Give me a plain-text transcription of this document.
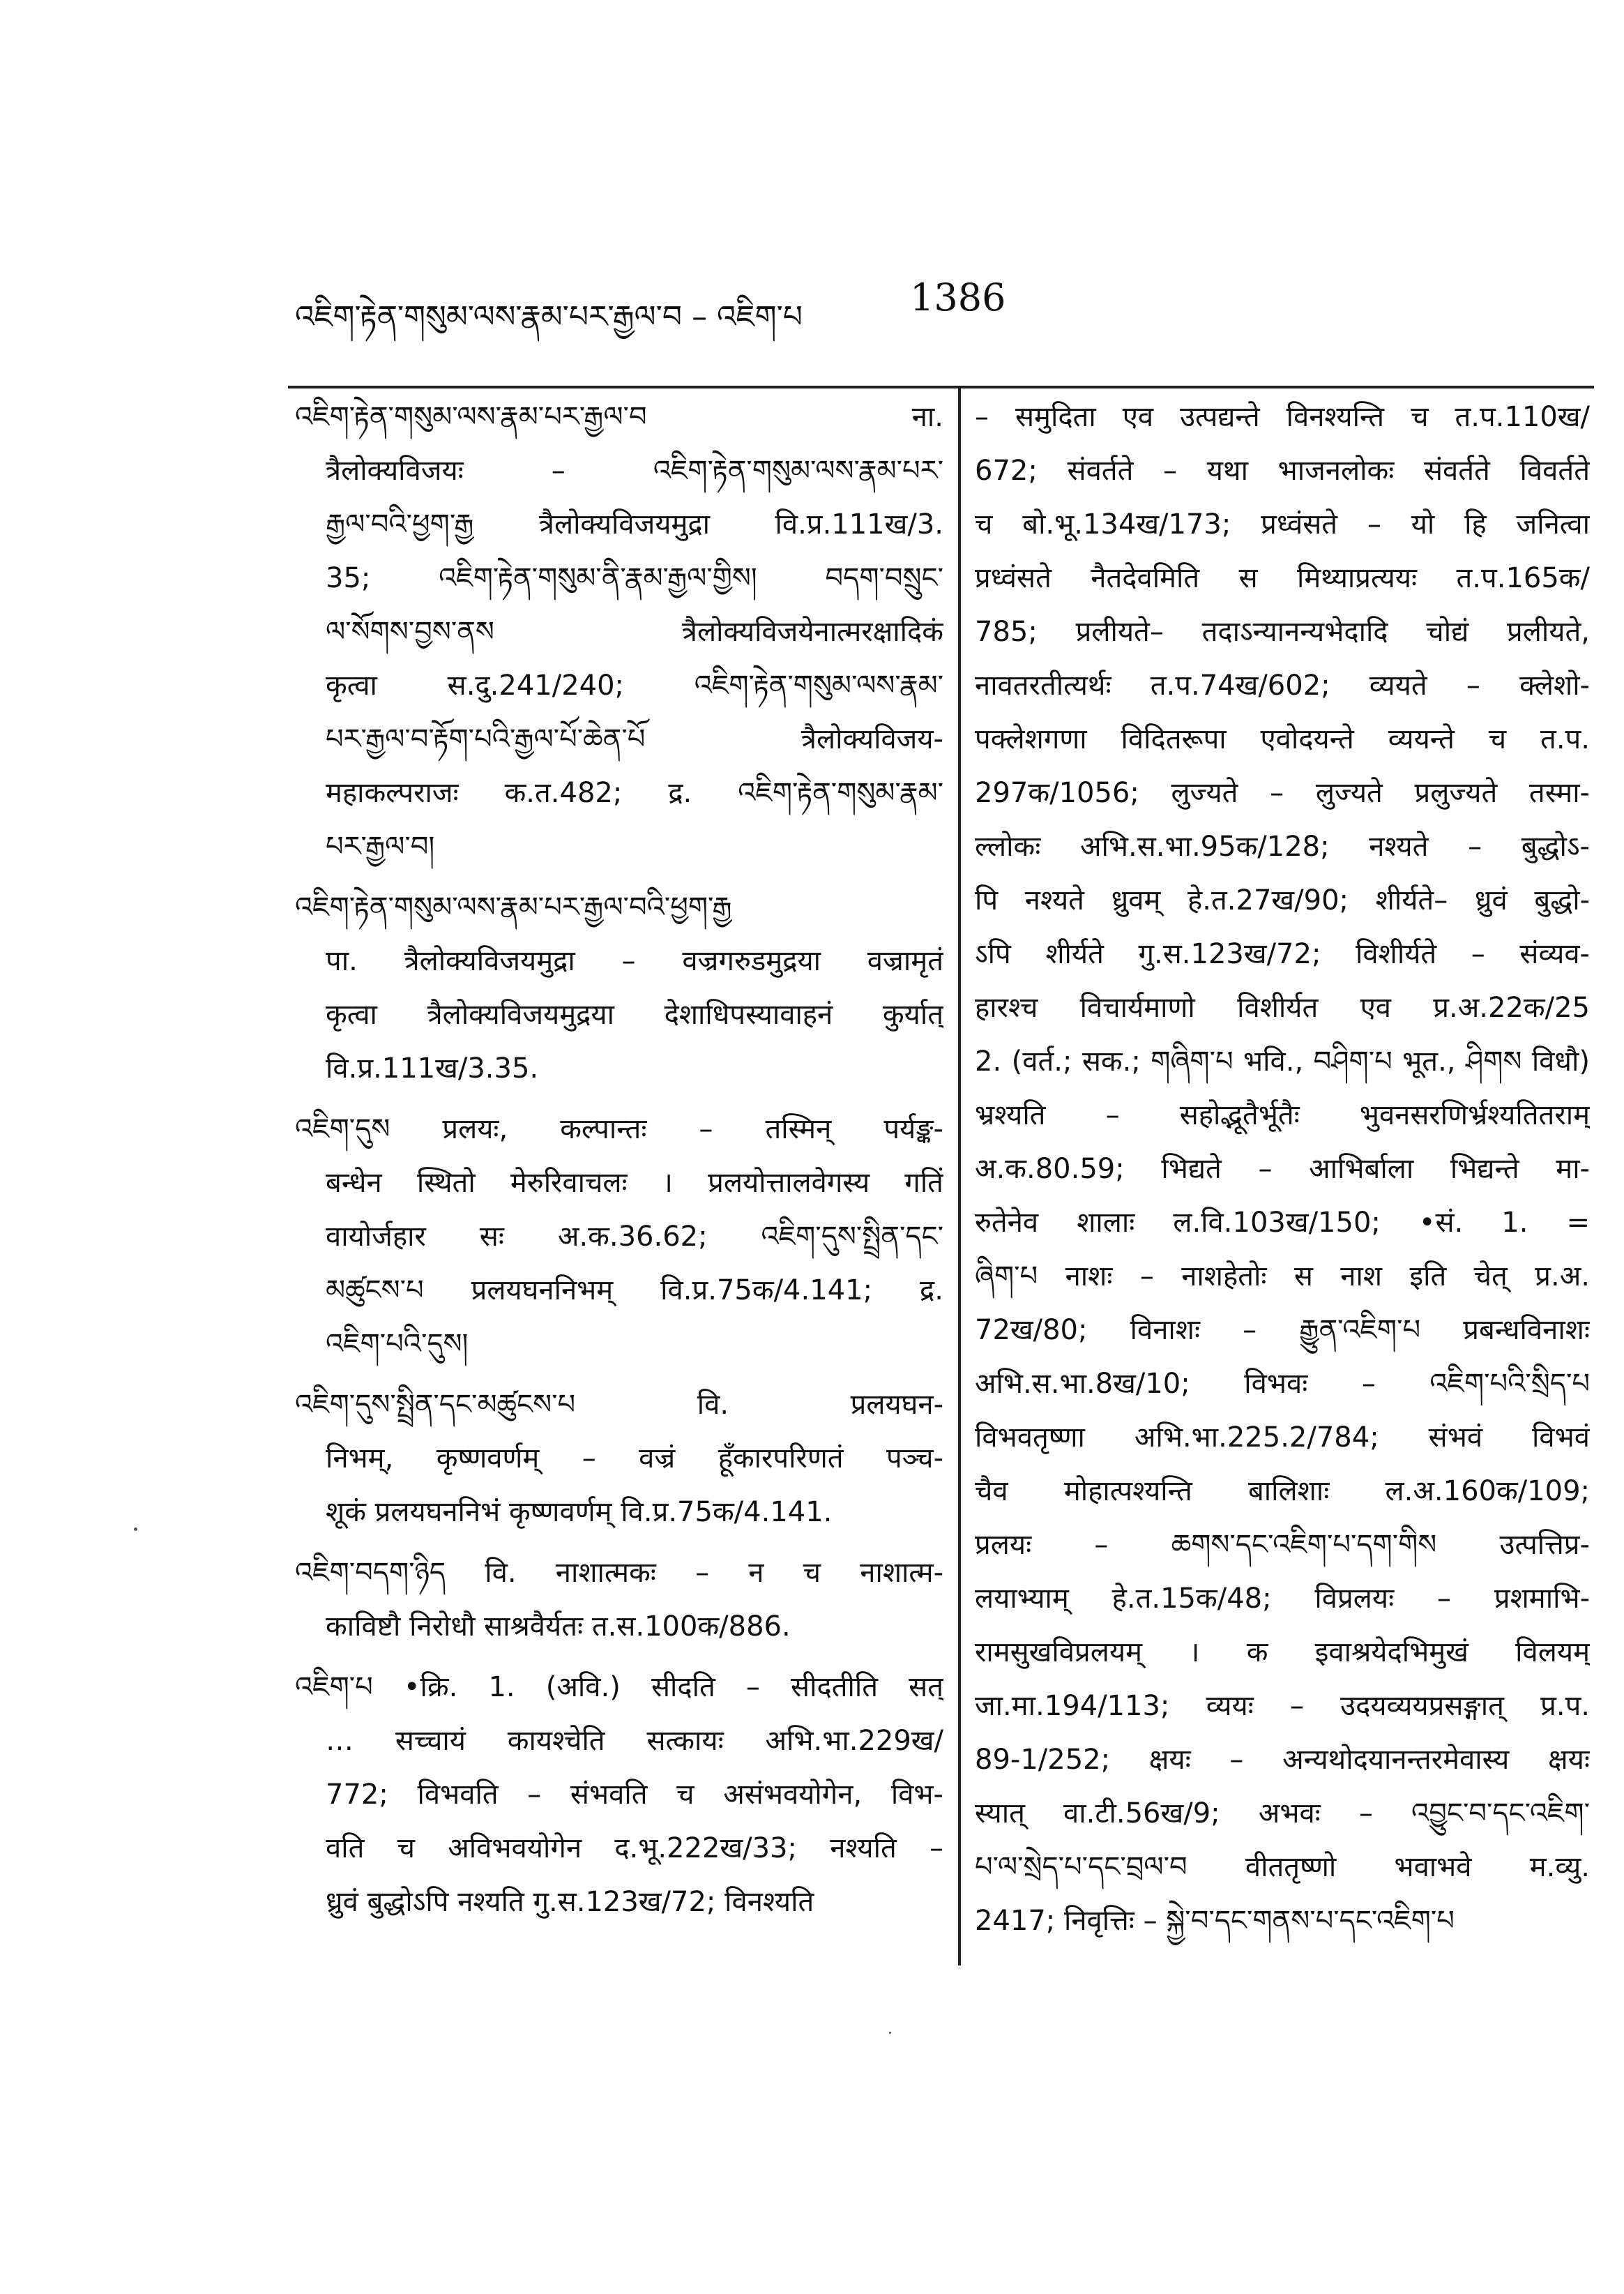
འཇིག་རྟེན་གསུམ་ལས་རྣམ་པར་རྒྱལ་བ – འཇིག་པ	1386
འཇིག་རྟེན་གསུམ་ལས་རྣམ་པར་རྒྱལ་བ ना.
त्रैलोक्यविजयः – འཇིག་རྟེན་གསུམ་ལས་རྣམ་པར་
རྒྱལ་བའི་ཕྱག་རྒྱ त्रैलोक्यविजयमुद्रा वि.प्र.111ख/3.
35; འཇིག་རྟེན་གསུམ་ནི་རྣམ་རྒྱལ་གྱིས། བདག་བསྲུང་
ལ་སོགས་བྱས་ནས त्रैलोक्यविजयेनात्मरक्षादिकं
कृत्वा स.दु.241/240; འཇིག་རྟེན་གསུམ་ལས་རྣམ་
པར་རྒྱལ་བ་རྟོག་པའི་རྒྱལ་པོ་ཆེན་པོ त्रैलोक्यविजय-
महाकल्पराजः क.त.482; द्र. འཇིག་རྟེན་གསུམ་རྣམ་
པར་རྒྱལ་བ།
འཇིག་རྟེན་གསུམ་ལས་རྣམ་པར་རྒྱལ་བའི་ཕྱག་རྒྱ
पा. त्रैलोक्यविजयमुद्रा – वज्रगरुडमुद्रया वज्रामृतं
कृत्वा त्रैलोक्यविजयमुद्रया देशाधिपस्यावाहनं कुर्यात्
वि.प्र.111ख/3.35.
འཇིག་དུས प्रलयः, कल्पान्तः – तस्मिन् पर्यङ्क-
बन्धेन स्थितो मेरुरिवाचलः । प्रलयोत्तालवेगस्य गतिं
वायोर्जहार सः अ.क.36.62; འཇིག་དུས་སྤྲིན་དང་
མཚུངས་པ प्रलयघननिभम् वि.प्र.75क/4.141; द्र.
འཇིག་པའི་དུས།
འཇིག་དུས་སྤྲིན་དང་མཚུངས་པ वि. प्रलयघन-
निभम्, कृष्णवर्णम् – वज्रं हूँकारपरिणतं पञ्च-
शूकं प्रलयघननिभं कृष्णवर्णम् वि.प्र.75क/4.141.
འཇིག་བདག་ཉིད वि. नाशात्मकः – न च नाशात्म-
काविष्टौ निरोधौ साश्रवैर्यतः त.स.100क/886.
འཇིག་པ •क्रि. 1. (अवि.) सीदति – सीदतीति सत्
… सच्चायं कायश्चेति सत्कायः अभि.भा.229ख/
772; विभवति – संभवति च असंभवयोगेन, विभ-
वति च अविभवयोगेन द.भू.222ख/33; नश्यति –
ध्रुवं बुद्धोऽपि नश्यति गु.स.123ख/72; विनश्यति
– समुदिता एव उत्पद्यन्ते विनश्यन्ति च त.प.110ख/
672; संवर्तते – यथा भाजनलोकः संवर्तते विवर्तते
च बो.भू.134ख/173; प्रध्वंसते – यो हि जनित्वा
प्रध्वंसते नैतदेवमिति स मिथ्याप्रत्ययः त.प.165क/
785; प्रलीयते– तदाऽन्यानन्यभेदादि चोद्यं प्रलीयते,
नावतरतीत्यर्थः त.प.74ख/602; व्ययते – क्लेशो-
पक्लेशगणा विदितरूपा एवोदयन्ते व्ययन्ते च त.प.
297क/1056; लुज्यते – लुज्यते प्रलुज्यते तस्मा-
ल्लोकः अभि.स.भा.95क/128; नश्यते – बुद्धोऽ-
पि नश्यते ध्रुवम् हे.त.27ख/90; शीर्यते– ध्रुवं बुद्धो-
ऽपि शीर्यते गु.स.123ख/72; विशीर्यते – संव्यव-
हारश्च विचार्यमाणो विशीर्यत एव प्र.अ.22क/25
2. (वर्त.; सक.; གཞིག་པ भवि., བཤིག་པ भूत., ཤིགས विधौ)
भ्रश्यति – सहोद्भूतैर्भूतैः भुवनसरणिर्भ्रश्यतितराम्
अ.क.80.59; भिद्यते – आभिर्बाला भिद्यन्ते मा-
रुतेनेव शालाः ल.वि.103ख/150; •सं. 1. =
ཞིག་པ नाशः – नाशहेतोः स नाश इति चेत् प्र.अ.
72ख/80; विनाशः – རྒྱུན་འཇིག་པ प्रबन्धविनाशः
अभि.स.भा.8ख/10; विभवः – འཇིག་པའི་སྲིད་པ
विभवतृष्णा अभि.भा.225.2/784; संभवं विभवं
चैव मोहात्पश्यन्ति बालिशाः ल.अ.160क/109;
प्रलयः – ཆགས་དང་འཇིག་པ་དག་གིས उत्पत्तिप्र-
लयाभ्याम् हे.त.15क/48; विप्रलयः – प्रशमाभि-
रामसुखविप्रलयम् । क इवाश्रयेदभिमुखं विलयम्
जा.मा.194/113; व्ययः – उदयव्ययप्रसङ्गात् प्र.प.
89-1/252; क्षयः – अन्यथोदयानन्तरमेवास्य क्षयः
स्यात् वा.टी.56ख/9; अभवः – འབྱུང་བ་དང་འཇིག་
པ་ལ་སྲེད་པ་དང་བྲལ་བ वीततृष्णो भवाभवे म.व्यु.
2417; निवृत्तिः – སྐྱེ་བ་དང་གནས་པ་དང་འཇིག་པ
